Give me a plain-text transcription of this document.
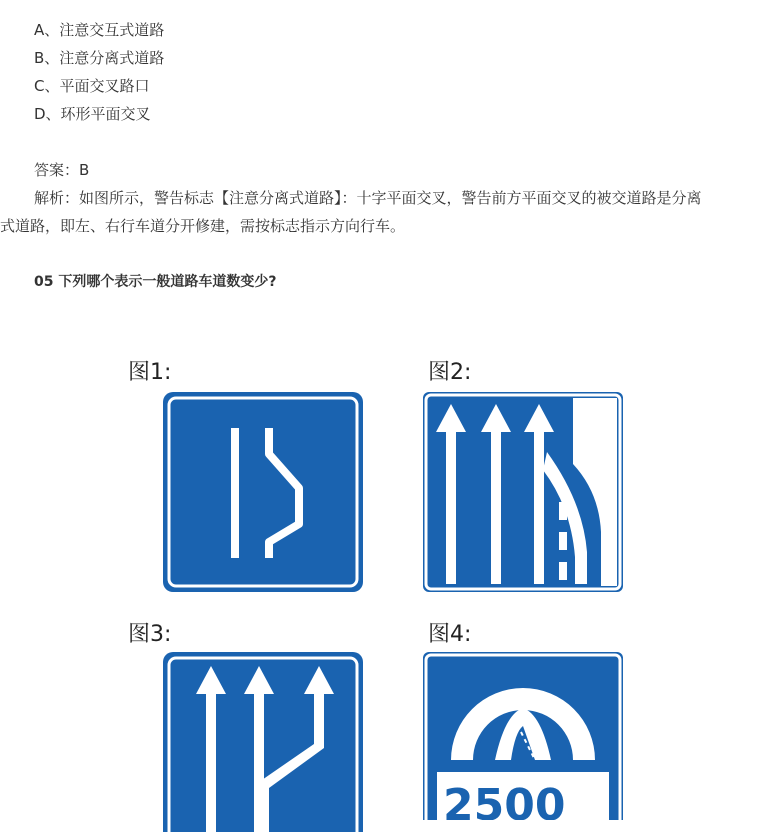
A、注意交互式道路
B、注意分离式道路
C、平面交叉路口
D、环形平面交叉
答案：B
解析：如图所示，警告标志【注意分离式道路】：十字平面交叉，警告前方平面交叉的被交道路是分离
式道路，即左、右行车道分开修建，需按标志指示方向行车。
05 下列哪个表示一般道路车道数变少?
图1:	图2:
图3:	图4:
2500
